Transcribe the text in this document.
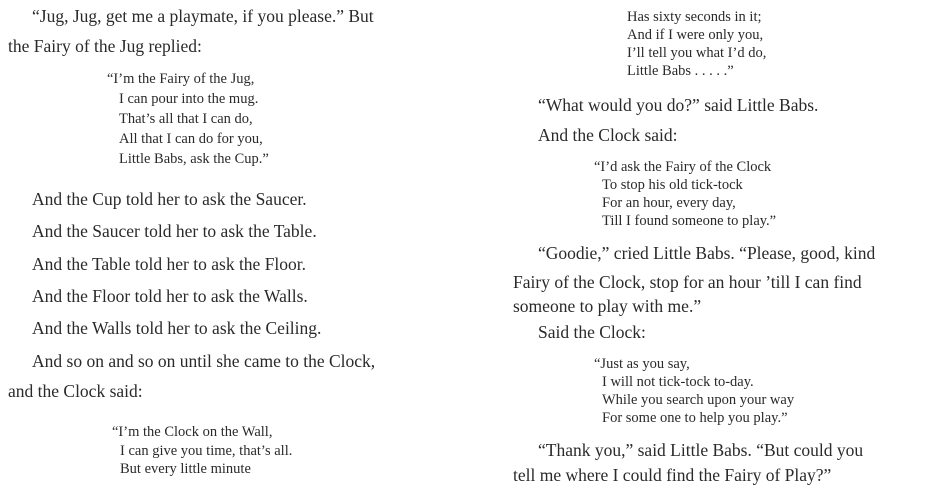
“Jug, Jug, get me a playmate, if you please.” But
the Fairy of the Jug replied:
“I’m the Fairy of the Jug,
I can pour into the mug.
That’s all that I can do,
All that I can do for you,
Little Babs, ask the Cup.”
And the Cup told her to ask the Saucer.
And the Saucer told her to ask the Table.
And the Table told her to ask the Floor.
And the Floor told her to ask the Walls.
And the Walls told her to ask the Ceiling.
And so on and so on until she came to the Clock,
and the Clock said:
“I’m the Clock on the Wall,
I can give you time, that’s all.
But every little minute
Has sixty seconds in it;
And if I were only you,
I’ll tell you what I’d do,
Little Babs . . . . .”
“What would you do?” said Little Babs.
And the Clock said:
“I’d ask the Fairy of the Clock
To stop his old tick-tock
For an hour, every day,
Till I found someone to play.”
“Goodie,” cried Little Babs. “Please, good, kind
Fairy of the Clock, stop for an hour ’till I can find
someone to play with me.”
Said the Clock:
“Just as you say,
I will not tick-tock to-day.
While you search upon your way
For some one to help you play.”
“Thank you,” said Little Babs. “But could you
tell me where I could find the Fairy of Play?”
